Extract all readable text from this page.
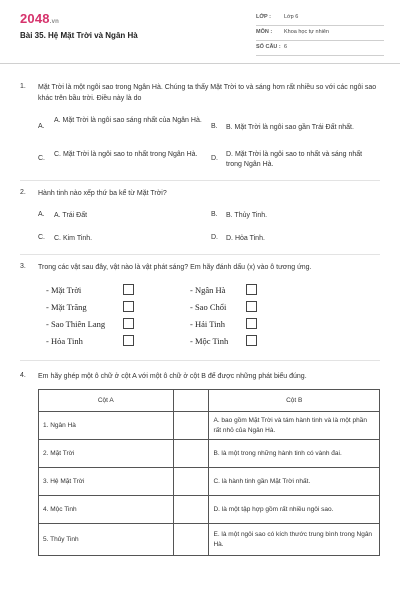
2048.vn
Bài 35. Hệ Mặt Trời và Ngân Hà
LỚP : Lớp 6
MÔN : Khoa học tự nhiên
SỐ CÂU : 6
1. Mặt Trời là một ngôi sao trong Ngân Hà. Chúng ta thấy Mặt Trời to và sáng hơn rất nhiều so với các ngôi sao khác trên bầu trời. Điều này là do
A.
A. Mặt Trời là ngôi sao sáng nhất của Ngân Hà.
B. B. Mặt Trời là ngôi sao gần Trái Đất nhất.
C.
C. Mặt Trời là ngôi sao to nhất trong Ngân Hà.
D.
D. Mặt Trời là ngôi sao to nhất và sáng nhất trong Ngân Hà.
2. Hành tinh nào xếp thứ ba kể từ Mặt Trời?
A. A. Trái Đất	B. B. Thủy Tinh.
C. C. Kim Tinh.	D. D. Hỏa Tinh.
3. Trong các vật sau đây, vật nào là vật phát sáng? Em hãy đánh dấu (x) vào ô tương ứng.
- Mặt Trời
- Mặt Trăng
- Sao Thiên Lang
- Hỏa Tinh
- Ngân Hà
- Sao Chổi
- Hải Tinh
- Mộc Tinh
4. Em hãy ghép một ô chữ ở cột A với một ô chữ ở cột B để được những phát biểu đúng.
Cột A		Cột B
1. Ngân Hà		A. bao gồm Mặt Trời và tám hành tinh và là một phần rất nhỏ của Ngân Hà.
2. Mặt Trời		B. là một trong những hành tinh có vành đai.
3. Hệ Mặt Trời		C. là hành tinh gần Mặt Trời nhất.
4. Mộc Tinh		D. là một tập hợp gồm rất nhiều ngôi sao.
5. Thủy Tinh		E. là một ngôi sao có kích thước trung bình trong Ngân Hà.
